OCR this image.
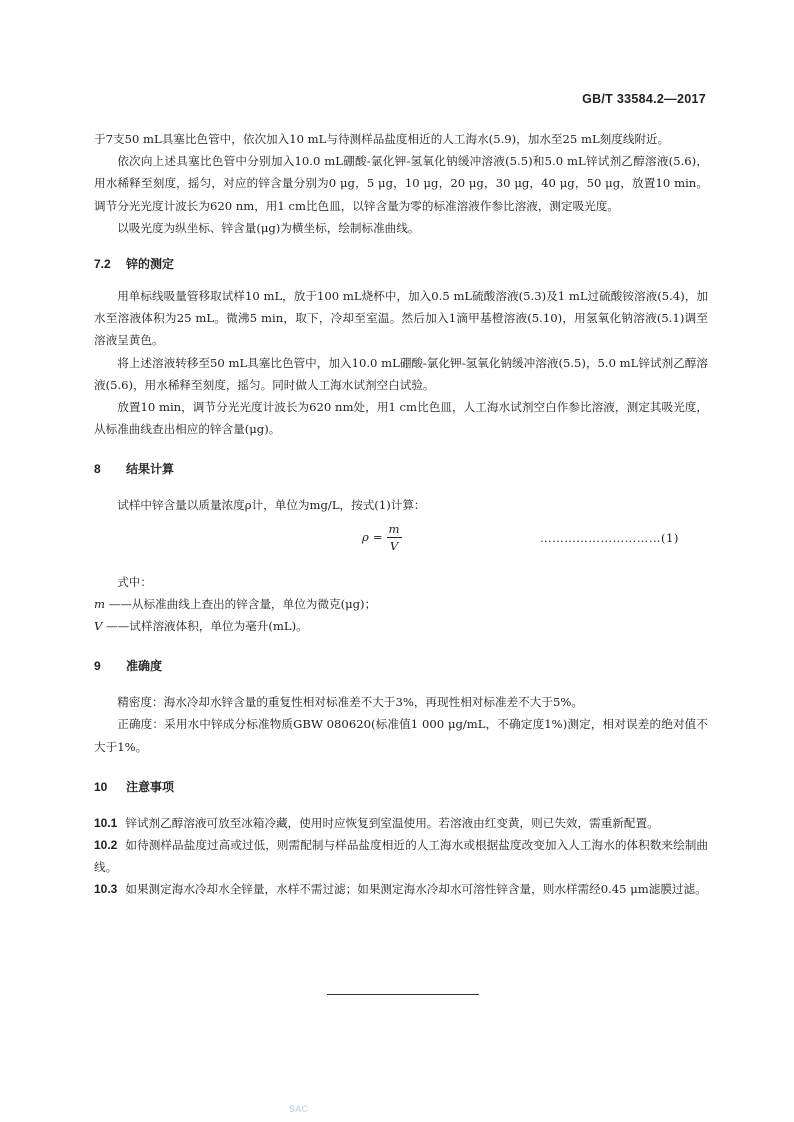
GB/T 33584.2—2017

于7支50 mL具塞比色管中，依次加入10 mL与待测样品盐度相近的人工海水(5.9)，加水至25 mL刻度线附近。

依次向上述具塞比色管中分别加入10.0 mL硼酸-氯化钾-氢氧化钠缓冲溶液(5.5)和5.0 mL锌试剂乙醇溶液(5.6)，用水稀释至刻度，摇匀，对应的锌含量分别为0 μg，5 μg，10 μg，20 μg，30 μg，40 μg，50 μg，放置10 min。调节分光光度计波长为620 nm，用1 cm比色皿，以锌含量为零的标准溶液作参比溶液，测定吸光度。

以吸光度为纵坐标、锌含量(μg)为横坐标，绘制标准曲线。

7.2 锌的测定

用单标线吸量管移取试样10 mL，放于100 mL烧杯中，加入0.5 mL硫酸溶液(5.3)及1 mL过硫酸铵溶液(5.4)，加水至溶液体积为25 mL。微沸5 min，取下，冷却至室温。然后加入1滴甲基橙溶液(5.10)，用氢氧化钠溶液(5.1)调至溶液呈黄色。

将上述溶液转移至50 mL具塞比色管中，加入10.0 mL硼酸-氯化钾-氢氧化钠缓冲溶液(5.5)，5.0 mL锌试剂乙醇溶液(5.6)，用水稀释至刻度，摇匀。同时做人工海水试剂空白试验。

放置10 min，调节分光光度计波长为620 nm处，用1 cm比色皿，人工海水试剂空白作参比溶液，测定其吸光度，从标准曲线查出相应的锌含量(μg)。

8 结果计算

试样中锌含量以质量浓度ρ计，单位为mg/L，按式(1)计算：

$\rho = \frac{m}{V}$	…………………………(1)

式中：

m ——从标准曲线上查出的锌含量，单位为微克(μg)；

V ——试样溶液体积，单位为毫升(mL)。

9 准确度

精密度：海水冷却水锌含量的重复性相对标准差不大于3%，再现性相对标准差不大于5%。

正确度：采用水中锌成分标准物质GBW 080620(标准值1 000 μg/mL，不确定度1%)测定，相对误差的绝对值不大于1%。

10 注意事项

10.1 锌试剂乙醇溶液可放至冰箱冷藏，使用时应恢复到室温使用。若溶液由红变黄，则已失效，需重新配置。

10.2 如待测样品盐度过高或过低，则需配制与样品盐度相近的人工海水或根据盐度改变加入人工海水的体积数来绘制曲线。

10.3 如果测定海水冷却水全锌量，水样不需过滤；如果测定海水冷却水可溶性锌含量，则水样需经0.45 μm滤膜过滤。

SAC
